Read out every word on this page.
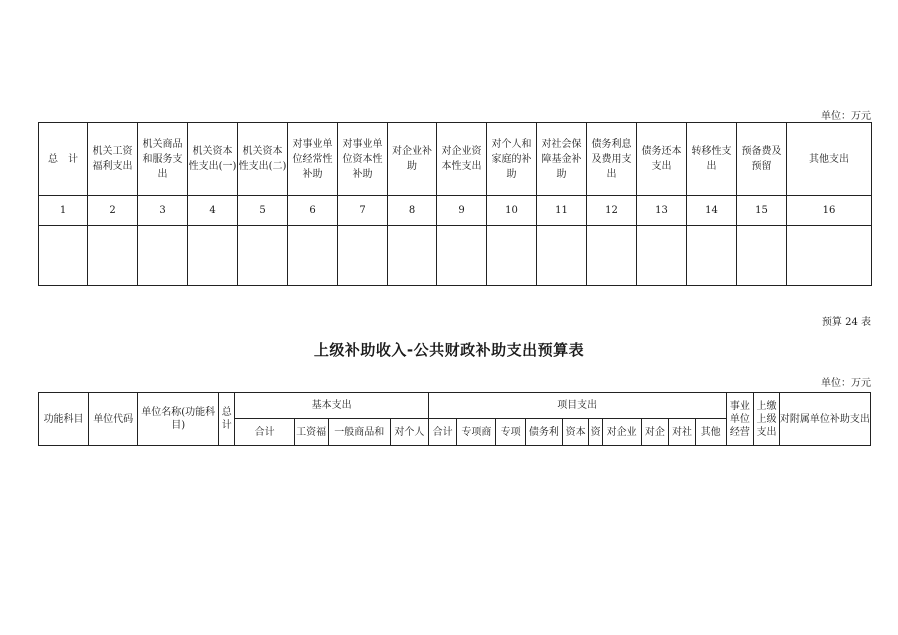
单位：万元
总　计	机关工资福利支出	机关商品和服务支出	机关资本性支出(一)	机关资本性支出(二)	对事业单位经常性补助	对事业单位资本性补助	对企业补助	对企业资本性支出	对个人和家庭的补助	对社会保障基金补助	债务利息及费用支出	债务还本支出	转移性支出	预备费及预留	其他支出
1	2	3	4	5	6	7	8	9	10	11	12	13	14	15	16

预算 24 表
上级补助收入-公共财政补助支出预算表
单位：万元
功能科目	单位代码	单位名称(功能科目)	总计	基本支出				项目支出										事业单位经营	上缴上级支出	对附属单位补助支出
				合计	工资福	一般商品和	对个人	合计	专项商	专项	债务利	资本	资	对企业	对企	对社	其他			
